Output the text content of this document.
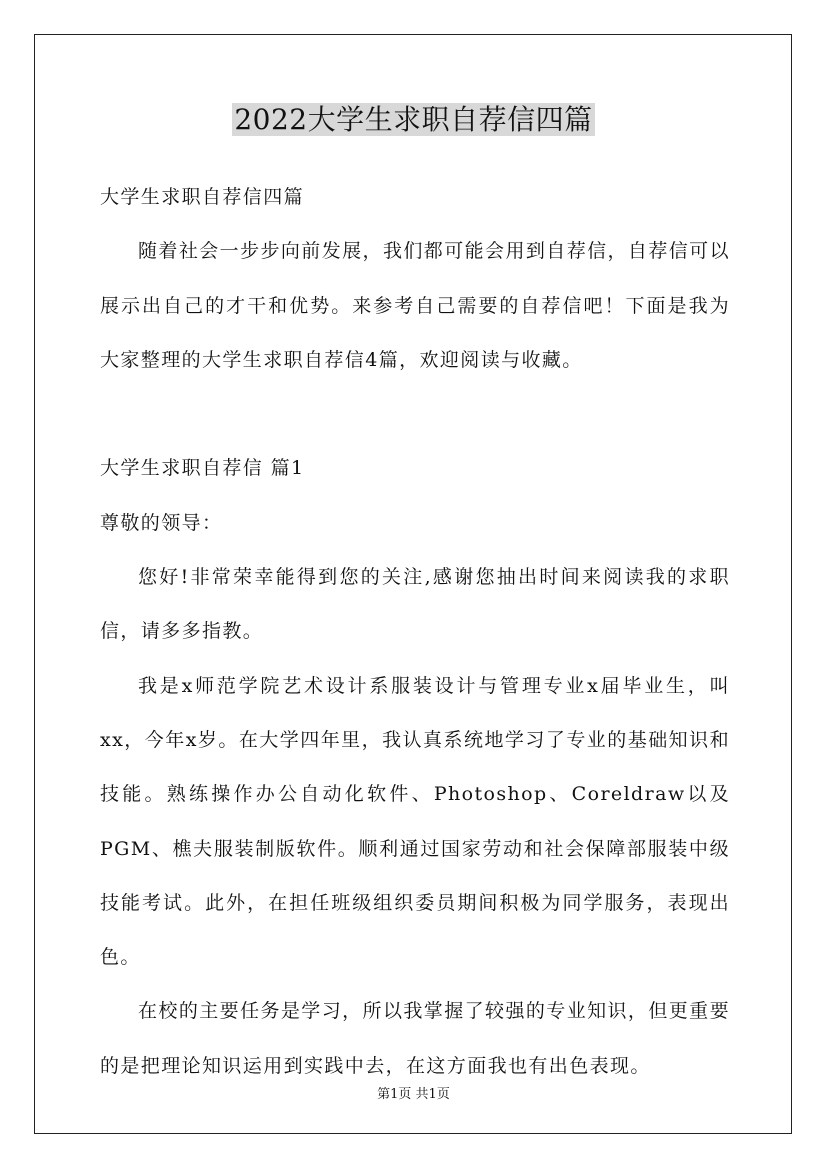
2022大学生求职自荐信四篇
大学生求职自荐信四篇
随着社会一步步向前发展，我们都可能会用到自荐信，自荐信可以展示出自己的才干和优势。来参考自己需要的自荐信吧！下面是我为大家整理的大学生求职自荐信4篇，欢迎阅读与收藏。
大学生求职自荐信 篇1
尊敬的领导：
您好!非常荣幸能得到您的关注,感谢您抽出时间来阅读我的求职信，请多多指教。
我是x师范学院艺术设计系服装设计与管理专业x届毕业生，叫xx，今年x岁。在大学四年里，我认真系统地学习了专业的基础知识和技能。熟练操作办公自动化软件、Photoshop、Coreldraw以及PGM、樵夫服装制版软件。顺利通过国家劳动和社会保障部服装中级技能考试。此外，在担任班级组织委员期间积极为同学服务，表现出色。
在校的主要任务是学习，所以我掌握了较强的专业知识，但更重要的是把理论知识运用到实践中去，在这方面我也有出色表现。
第1页 共1页
